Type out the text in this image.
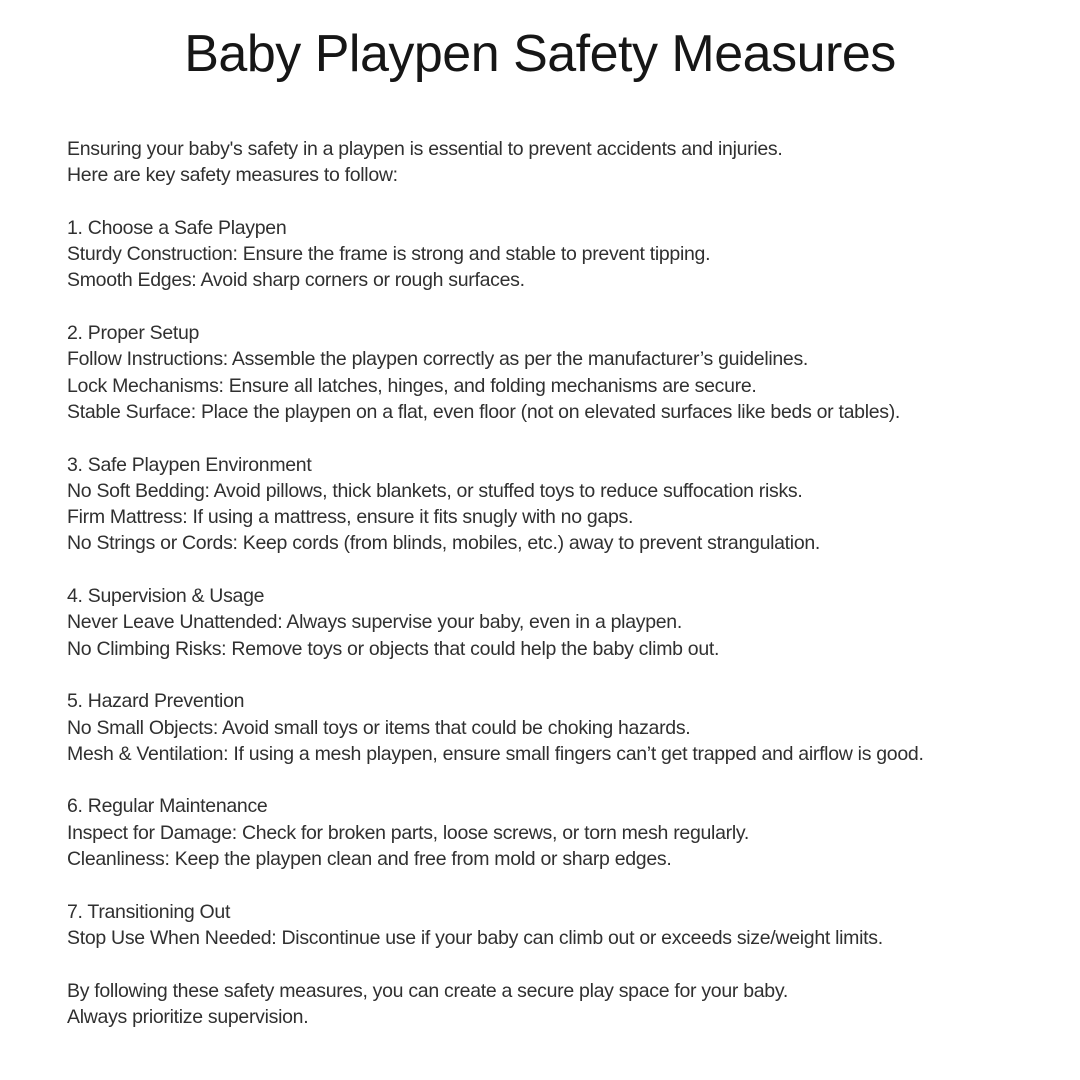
Baby Playpen Safety Measures

Ensuring your baby's safety in a playpen is essential to prevent accidents and injuries.
Here are key safety measures to follow:

1. Choose a Safe Playpen
Sturdy Construction: Ensure the frame is strong and stable to prevent tipping.
Smooth Edges: Avoid sharp corners or rough surfaces.

2. Proper Setup
Follow Instructions: Assemble the playpen correctly as per the manufacturer’s guidelines.
Lock Mechanisms: Ensure all latches, hinges, and folding mechanisms are secure.
Stable Surface: Place the playpen on a flat, even floor (not on elevated surfaces like beds or tables).

3. Safe Playpen Environment
No Soft Bedding: Avoid pillows, thick blankets, or stuffed toys to reduce suffocation risks.
Firm Mattress: If using a mattress, ensure it fits snugly with no gaps.
No Strings or Cords: Keep cords (from blinds, mobiles, etc.) away to prevent strangulation.

4. Supervision & Usage
Never Leave Unattended: Always supervise your baby, even in a playpen.
No Climbing Risks: Remove toys or objects that could help the baby climb out.

5. Hazard Prevention
No Small Objects: Avoid small toys or items that could be choking hazards.
Mesh & Ventilation: If using a mesh playpen, ensure small fingers can’t get trapped and airflow is good.

6. Regular Maintenance
Inspect for Damage: Check for broken parts, loose screws, or torn mesh regularly.
Cleanliness: Keep the playpen clean and free from mold or sharp edges.

7. Transitioning Out
Stop Use When Needed: Discontinue use if your baby can climb out or exceeds size/weight limits.

By following these safety measures, you can create a secure play space for your baby.
Always prioritize supervision.
